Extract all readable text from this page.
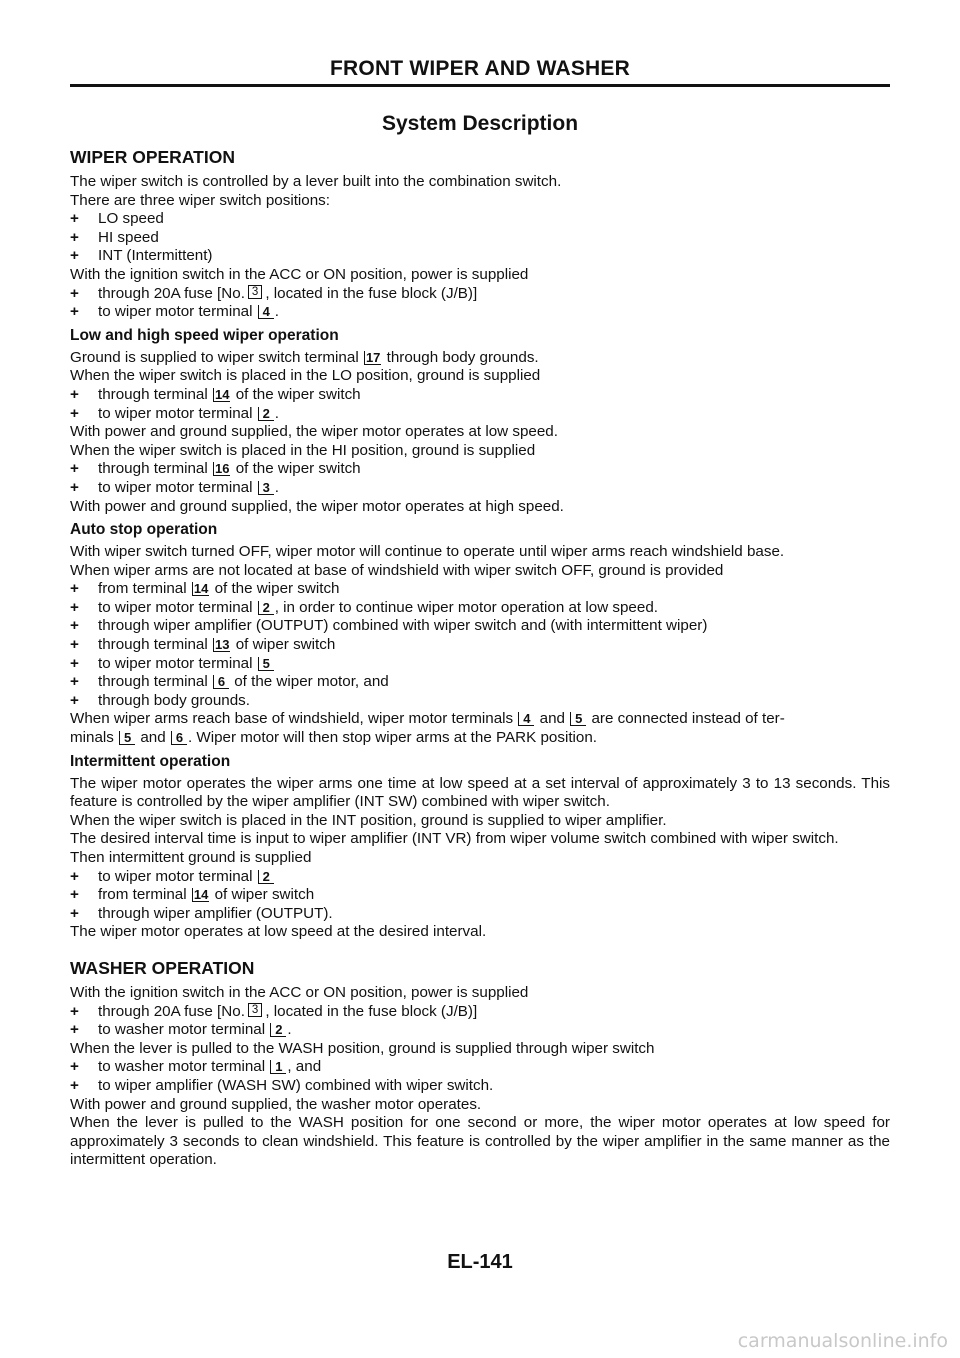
FRONT WIPER AND WASHER
System Description
WIPER OPERATION
The wiper switch is controlled by a lever built into the combination switch.
There are three wiper switch positions:
+ LO speed
+ HI speed
+ INT (Intermittent)
With the ignition switch in the ACC or ON position, power is supplied
+ through 20A fuse [No. 3 , located in the fuse block (J/B)]
+ to wiper motor terminal 4 .
Low and high speed wiper operation
Ground is supplied to wiper switch terminal 17 through body grounds.
When the wiper switch is placed in the LO position, ground is supplied
+ through terminal 14 of the wiper switch
+ to wiper motor terminal 2 .
With power and ground supplied, the wiper motor operates at low speed.
When the wiper switch is placed in the HI position, ground is supplied
+ through terminal 16 of the wiper switch
+ to wiper motor terminal 3 .
With power and ground supplied, the wiper motor operates at high speed.
Auto stop operation
With wiper switch turned OFF, wiper motor will continue to operate until wiper arms reach windshield base.
When wiper arms are not located at base of windshield with wiper switch OFF, ground is provided
+ from terminal 14 of the wiper switch
+ to wiper motor terminal 2 , in order to continue wiper motor operation at low speed.
+ through wiper amplifier (OUTPUT) combined with wiper switch and (with intermittent wiper)
+ through terminal 13 of wiper switch
+ to wiper motor terminal 5
+ through terminal 6 of the wiper motor, and
+ through body grounds.
When wiper arms reach base of windshield, wiper motor terminals 4 and 5 are connected instead of ter-
minals 5 and 6 . Wiper motor will then stop wiper arms at the PARK position.
Intermittent operation
The wiper motor operates the wiper arms one time at low speed at a set interval of approximately 3 to 13 seconds. This feature is controlled by the wiper amplifier (INT SW) combined with wiper switch.
When the wiper switch is placed in the INT position, ground is supplied to wiper amplifier.
The desired interval time is input to wiper amplifier (INT VR) from wiper volume switch combined with wiper switch.
Then intermittent ground is supplied
+ to wiper motor terminal 2
+ from terminal 14 of wiper switch
+ through wiper amplifier (OUTPUT).
The wiper motor operates at low speed at the desired interval.
WASHER OPERATION
With the ignition switch in the ACC or ON position, power is supplied
+ through 20A fuse [No. 3 , located in the fuse block (J/B)]
+ to washer motor terminal 2 .
When the lever is pulled to the WASH position, ground is supplied through wiper switch
+ to washer motor terminal 1 , and
+ to wiper amplifier (WASH SW) combined with wiper switch.
With power and ground supplied, the washer motor operates.
When the lever is pulled to the WASH position for one second or more, the wiper motor operates at low speed for approximately 3 seconds to clean windshield. This feature is controlled by the wiper amplifier in the same manner as the intermittent operation.
EL-141
carmanualsonline.info
